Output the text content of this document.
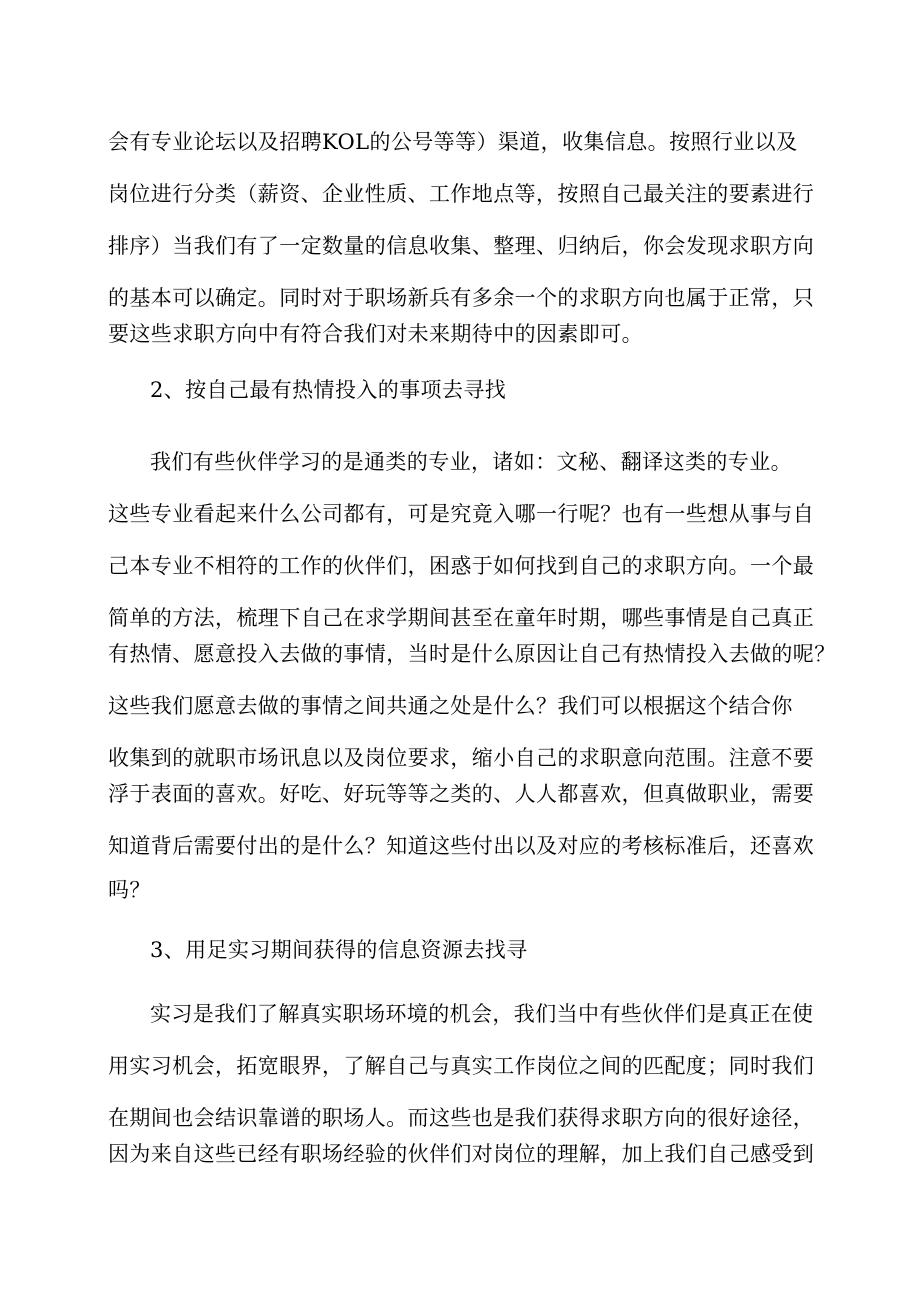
会有专业论坛以及招聘KOL的公号等等）渠道，收集信息。按照行业以及
岗位进行分类（薪资、企业性质、工作地点等，按照自己最关注的要素进行
排序）当我们有了一定数量的信息收集、整理、归纳后，你会发现求职方向
的基本可以确定。同时对于职场新兵有多余一个的求职方向也属于正常，只
要这些求职方向中有符合我们对未来期待中的因素即可。
2、按自己最有热情投入的事项去寻找
我们有些伙伴学习的是通类的专业，诸如：文秘、翻译这类的专业。
这些专业看起来什么公司都有，可是究竟入哪一行呢？也有一些想从事与自
己本专业不相符的工作的伙伴们，困惑于如何找到自己的求职方向。一个最
简单的方法，梳理下自己在求学期间甚至在童年时期，哪些事情是自己真正
有热情、愿意投入去做的事情，当时是什么原因让自己有热情投入去做的呢？
这些我们愿意去做的事情之间共通之处是什么？我们可以根据这个结合你
收集到的就职市场讯息以及岗位要求，缩小自己的求职意向范围。注意不要
浮于表面的喜欢。好吃、好玩等等之类的、人人都喜欢，但真做职业，需要
知道背后需要付出的是什么？知道这些付出以及对应的考核标准后，还喜欢
吗？
3、用足实习期间获得的信息资源去找寻
实习是我们了解真实职场环境的机会，我们当中有些伙伴们是真正在使
用实习机会，拓宽眼界，了解自己与真实工作岗位之间的匹配度；同时我们
在期间也会结识靠谱的职场人。而这些也是我们获得求职方向的很好途径，
因为来自这些已经有职场经验的伙伴们对岗位的理解，加上我们自己感受到
